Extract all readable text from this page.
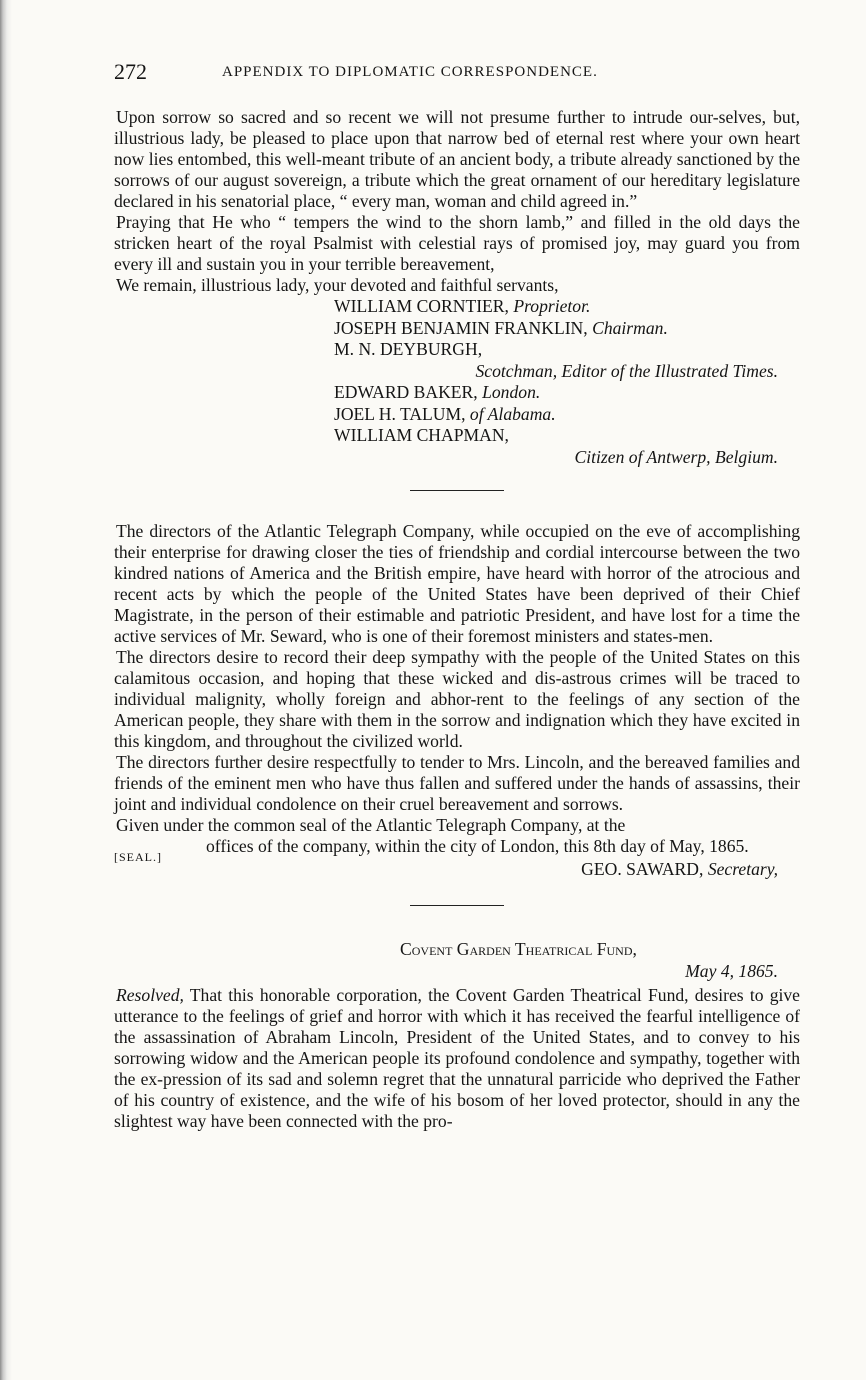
272	APPENDIX TO DIPLOMATIC CORRESPONDENCE.

Upon sorrow so sacred and so recent we will not presume further to intrude our-selves, but, illustrious lady, be pleased to place upon that narrow bed of eternal rest where your own heart now lies entombed, this well-meant tribute of an ancient body, a tribute already sanctioned by the sorrows of our august sovereign, a tribute which the great ornament of our hereditary legislature declared in his senatorial place, “ every man, woman and child agreed in.”

Praying that He who “ tempers the wind to the shorn lamb,” and filled in the old days the stricken heart of the royal Psalmist with celestial rays of promised joy, may guard you from every ill and sustain you in your terrible bereavement,

We remain, illustrious lady, your devoted and faithful servants,

WILLIAM CORNTIER, Proprietor.
JOSEPH BENJAMIN FRANKLIN, Chairman.
M. N. DEYBURGH,
Scotchman, Editor of the Illustrated Times.
EDWARD BAKER, London.
JOEL H. TALUM, of Alabama.
WILLIAM CHAPMAN,
Citizen of Antwerp, Belgium.

The directors of the Atlantic Telegraph Company, while occupied on the eve of accomplishing their enterprise for drawing closer the ties of friendship and cordial intercourse between the two kindred nations of America and the British empire, have heard with horror of the atrocious and recent acts by which the people of the United States have been deprived of their Chief Magistrate, in the person of their estimable and patriotic President, and have lost for a time the active services of Mr. Seward, who is one of their foremost ministers and states-men.

The directors desire to record their deep sympathy with the people of the United States on this calamitous occasion, and hoping that these wicked and dis-astrous crimes will be traced to individual malignity, wholly foreign and abhor-rent to the feelings of any section of the American people, they share with them in the sorrow and indignation which they have excited in this kingdom, and throughout the civilized world.

The directors further desire respectfully to tender to Mrs. Lincoln, and the bereaved families and friends of the eminent men who have thus fallen and suffered under the hands of assassins, their joint and individual condolence on their cruel bereavement and sorrows.

Given under the common seal of the Atlantic Telegraph Company, at the

[SEAL.]

offices of the company, within the city of London, this 8th day of May, 1865.

GEO. SAWARD, Secretary,
Covent Garden Theatrical Fund,
May 4, 1865.

Resolved, That this honorable corporation, the Covent Garden Theatrical Fund, desires to give utterance to the feelings of grief and horror with which it has received the fearful intelligence of the assassination of Abraham Lincoln, President of the United States, and to convey to his sorrowing widow and the American people its profound condolence and sympathy, together with the ex-pression of its sad and solemn regret that the unnatural parricide who deprived the Father of his country of existence, and the wife of his bosom of her loved protector, should in any the slightest way have been connected with the pro-
